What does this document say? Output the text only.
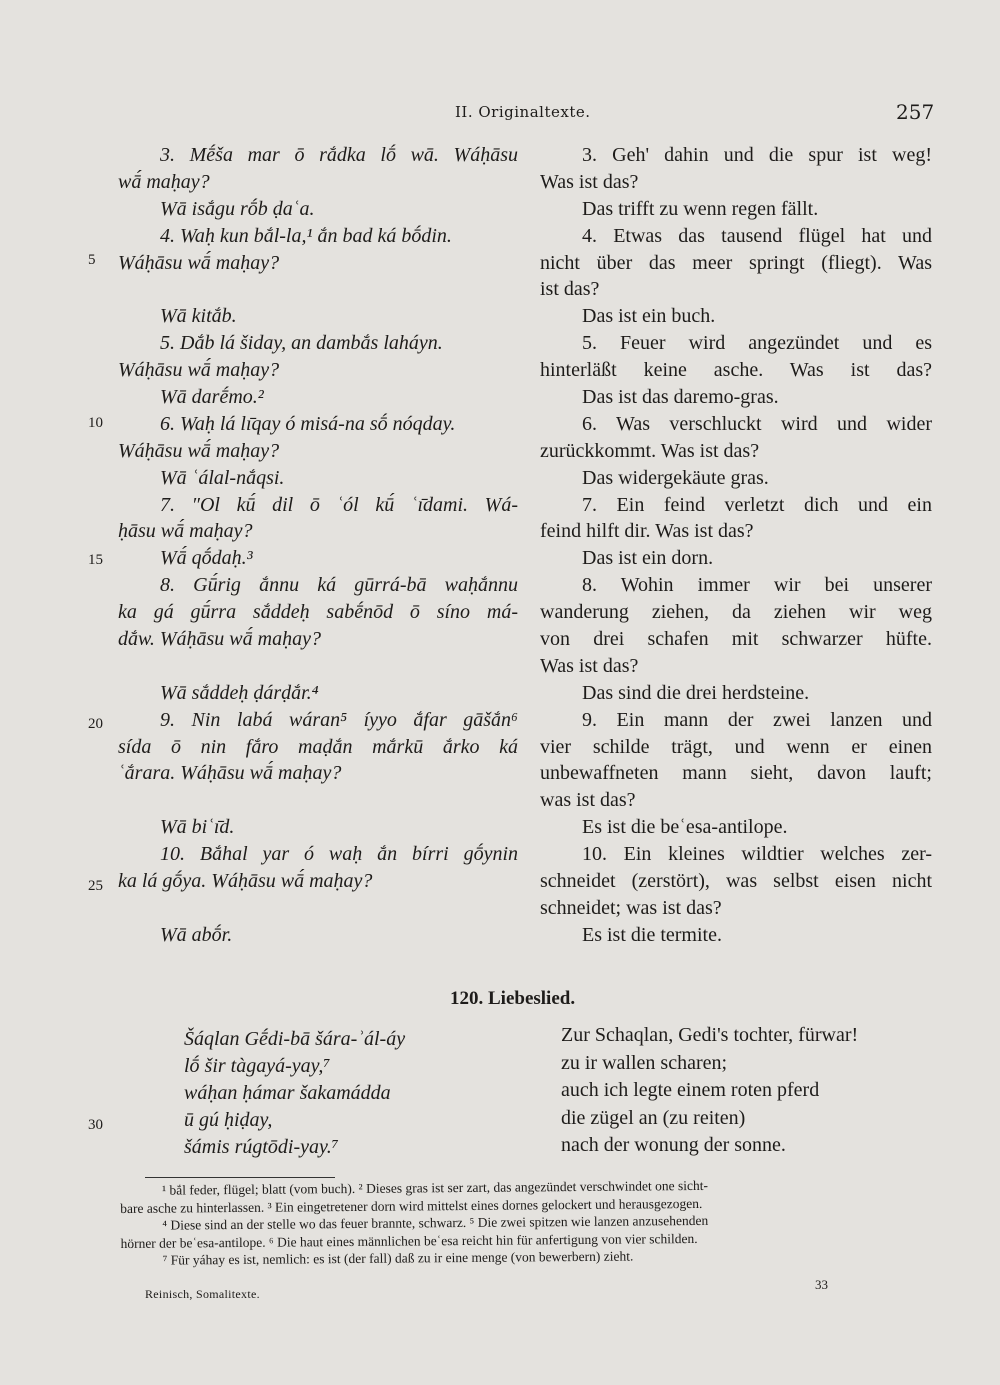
II. Originaltexte.	257
5
10
15
20
25
30
3. Mḗša mar ō rắdka lṓ wā. Wáḥāsu
wā́ maḥay?
Wā isắgu rṓb ḍaʿa.
4. Waḥ kun bắl-la,¹ ắn bad ká bṓdin.
Wáḥāsu wā́ maḥay?
Wā kitắb.
5. Dắb lá šiday, an dambắs laháyn.
Wáḥāsu wā́ maḥay?
Wā darḗmo.²
6. Waḥ lá lı̄qay ó misá-na sṓ nóqday.
Wáḥāsu wā́ maḥay?
Wā ʿálal-nắqsi.
7. ″Ol kū́ dil ō ʿól kū́ ʿı̄dami. Wá-
ḥāsu wā́ maḥay?
Wā́ qṓdaḥ.³
8. Gū́rig ắnnu ká gūrrá-bā waḥắnnu
ka gá gū́rra sắddeḥ sabḗnōd ō síno má-
dắw. Wáḥāsu wā́ maḥay?
Wā sắddeḥ ḍárḍắr.⁴
9. Nin labá wáran⁵ íyyo ắfar gāšắn⁶
sída ō nin fắro maḍắn mắrkū ắrko ká
ʿắrara. Wáḥāsu wā́ maḥay?
Wā biʿı̄d.
10. Bắhal yar ó waḥ ắn bírri gṓynin
ka lá gṓya. Wáḥāsu wā́ maḥay?
Wā abṓr.
3. Geh' dahin und die spur ist weg!
Was ist das?
Das trifft zu wenn regen fällt.
4. Etwas das tausend flügel hat und
nicht über das meer springt (fliegt). Was
ist das?
Das ist ein buch.
5. Feuer wird angezündet und es
hinterläßt keine asche. Was ist das?
Das ist das daremo-gras.
6. Was verschluckt wird und wider
zurückkommt. Was ist das?
Das widergekäute gras.
7. Ein feind verletzt dich und ein
feind hilft dir. Was ist das?
Das ist ein dorn.
8. Wohin immer wir bei unserer
wanderung ziehen, da ziehen wir weg
von drei schafen mit schwarzer hüfte.
Was ist das?
Das sind die drei herdsteine.
9. Ein mann der zwei lanzen und
vier schilde trägt, und wenn er einen
unbewaffneten mann sieht, davon lauft;
was ist das?
Es ist die beʿesa-antilope.
10. Ein kleines wildtier welches zer-
schneidet (zerstört), was selbst eisen nicht
schneidet; was ist das?
Es ist die termite.
120. Liebeslied.
Šáqlan Gḗdi-bā šára-ʾál-áy
lṓ šir tàgayá-yay,⁷
wáḥan ḥámar šakamádda
ū gú ḥiḍay,
šámis rúgtōdi-yay.⁷
Zur Schaqlan, Gedi's tochter, fürwar!
zu ir wallen scharen;
auch ich legte einem roten pferd
die zügel an (zu reiten)
nach der wonung der sonne.
¹ bắl feder, flügel; blatt (vom buch). ² Dieses gras ist ser zart, das angezündet verschwindet one sicht-
bare asche zu hinterlassen. ³ Ein eingetretener dorn wird mittelst eines dornes gelockert und herausgezogen.
⁴ Diese sind an der stelle wo das feuer brannte, schwarz. ⁵ Die zwei spitzen wie lanzen anzusehenden
hörner der beʿesa-antilope. ⁶ Die haut eines männlichen beʿesa reicht hin für anfertigung von vier schilden.
⁷ Für yáhay es ist, nemlich: es ist (der fall) daß zu ir eine menge (von bewerbern) zieht.
Reinisch, Somalitexte.
33
